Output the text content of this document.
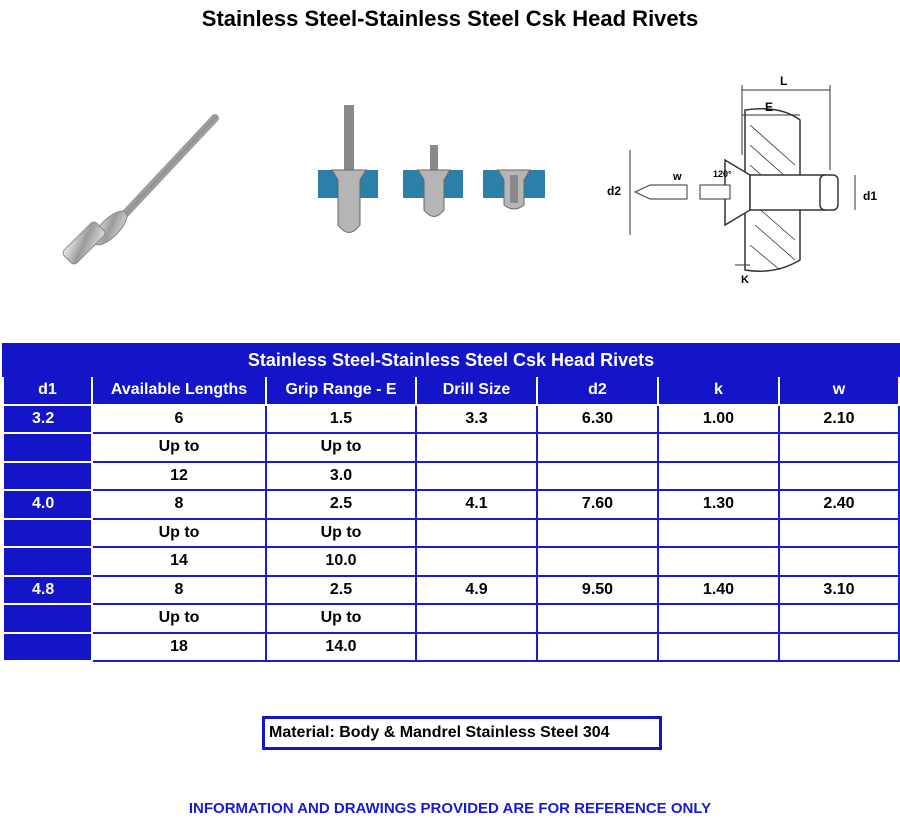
Stainless Steel-Stainless Steel Csk Head Rivets
L
E
d2
w	120°
d1
K
Stainless Steel-Stainless Steel Csk Head Rivets						
d1	Available Lengths	Grip Range - E	Drill Size	d2	k	w
3.2	6	1.5	3.3	6.30	1.00	2.10
	Up to	Up to				
	12	3.0				
4.0	8	2.5	4.1	7.60	1.30	2.40
	Up to	Up to				
	14	10.0				
4.8	8	2.5	4.9	9.50	1.40	3.10
	Up to	Up to				
	18	14.0				
Material: Body & Mandrel Stainless Steel 304
INFORMATION AND DRAWINGS PROVIDED ARE FOR REFERENCE ONLY
